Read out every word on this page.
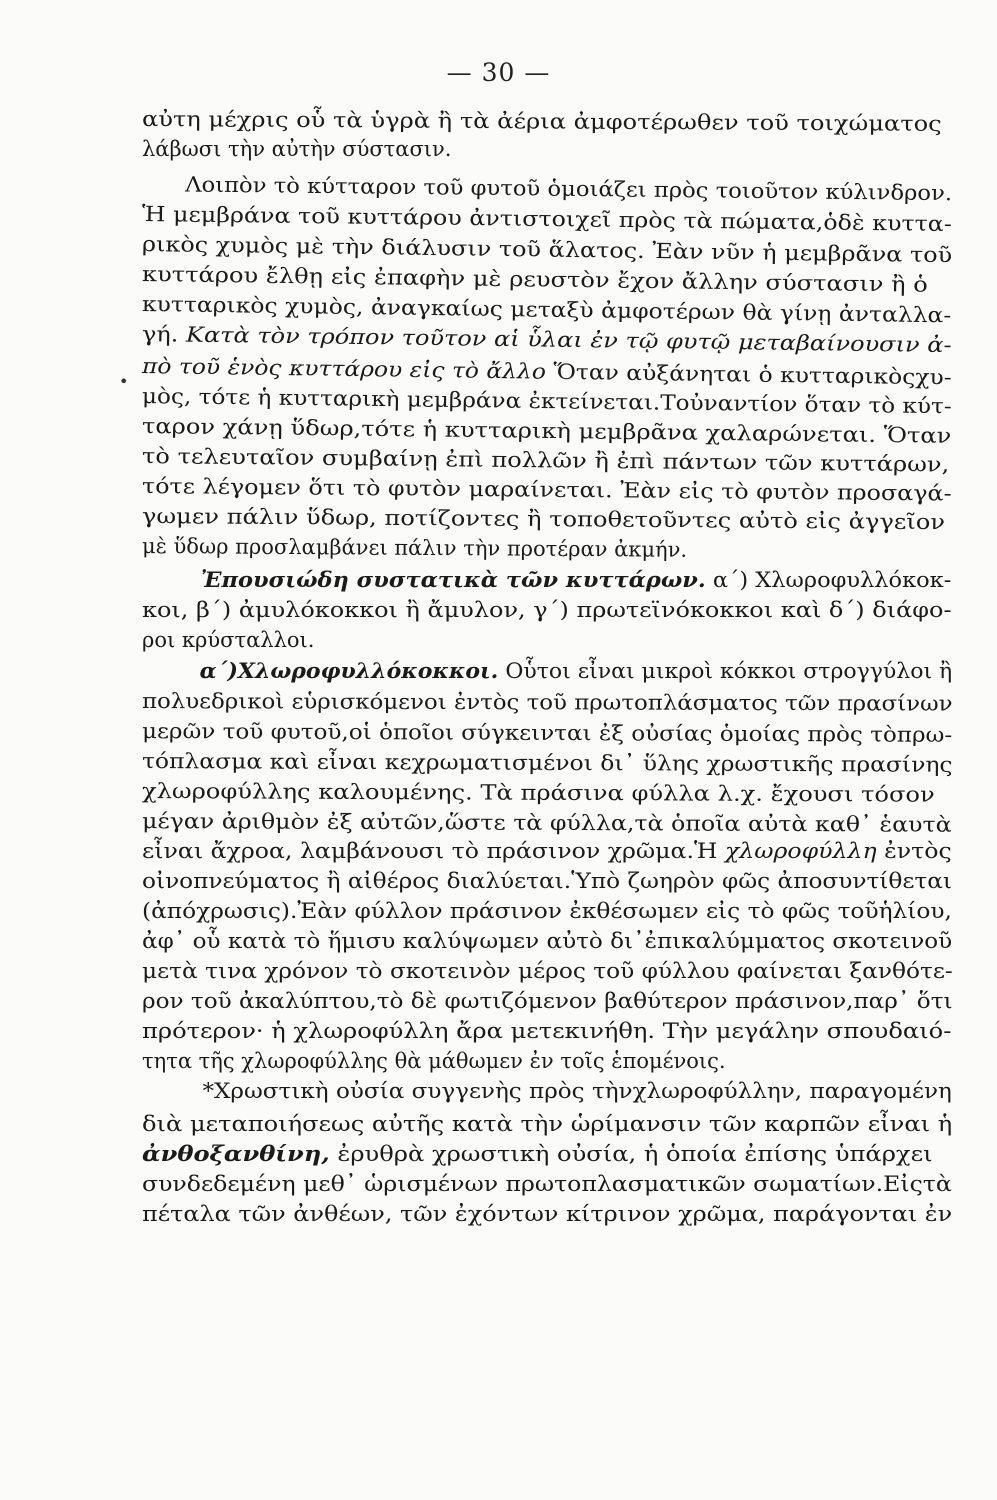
— 30 —
•
αὐτη μέχρις οὗ τὰ ὑγρὰ ἢ τὰ ἀέρια ἀμφοτέρωθεν τοῦ τοιχώματος
λάβωσι τὴν αὐτὴν σύστασιν.
Λοιπὸν τὸ κύτταρον τοῦ φυτοῦ ὁμοιάζει πρὸς τοιοῦτον κύλινδρον.
Ἡ μεμβράνα τοῦ κυττάρου ἀντιστοιχεῖ πρὸς τὰ πώματα,ὁδὲ κυττα-
ρικὸς χυμὸς μὲ τὴν διάλυσιν τοῦ ἅλατος. Ἐὰν νῦν ἡ μεμβρᾶνα τοῦ
κυττάρου ἔλθῃ εἰς ἐπαφὴν μὲ ρευστὸν ἔχον ἄλλην σύστασιν ἢ ὁ
κυτταρικὸς χυμὸς, ἀναγκαίως μεταξὺ ἀμφοτέρων θὰ γίνῃ ἀνταλλα-
γή. Κατὰ τὸν τρόπον τοῦτον αἱ ὗλαι ἐν τῷ φυτῷ μεταβαίνουσιν ἀ-
πὸ τοῦ ἑνὸς κυττάρου εἰς τὸ ἄλλο Ὅταν αὐξάνηται ὁ κυτταρικὸςχυ-
μὸς, τότε ἡ κυτταρικὴ μεμβράνα ἐκτείνεται.Τοὐναντίον ὅταν τὸ κύτ-
ταρον χάνῃ ὕδωρ,τότε ἡ κυτταρικὴ μεμβρᾶνα χαλαρώνεται. Ὅταν
τὸ τελευταῖον συμβαίνῃ ἐπὶ πολλῶν ἢ ἐπὶ πάντων τῶν κυττάρων,
τότε λέγομεν ὅτι τὸ φυτὸν μαραίνεται. Ἐὰν εἰς τὸ φυτὸν προσαγά-
γωμεν πάλιν ὕδωρ, ποτίζοντες ἢ τοποθετοῦντες αὐτὸ εἰς ἀγγεῖον
μὲ ὕδωρ προσλαμβάνει πάλιν τὴν προτέραν ἀκμήν.
Ἐπουσιώδη συστατικὰ τῶν κυττάρων. α΄) Χλωροφυλλόκοκ-
κοι, β΄) ἀμυλόκοκκοι ἢ ἄμυλον, γ΄) πρωτεϊνόκοκκοι καὶ δ΄) διάφο-
ροι κρύσταλλοι.
α΄)Χλωροφυλλόκοκκοι. Οὗτοι εἶναι μικροὶ κόκκοι στρογγύλοι ἢ
πολυεδρικοὶ εὑρισκόμενοι ἐντὸς τοῦ πρωτοπλάσματος τῶν πρασίνων
μερῶν τοῦ φυτοῦ,οἱ ὁποῖοι σύγκεινται ἐξ οὐσίας ὁμοίας πρὸς τὸπρω-
τόπλασμα καὶ εἶναι κεχρωματισμένοι δι᾽ ὕλης χρωστικῆς πρασίνης
χλωροφύλλης καλουμένης. Τὰ πράσινα φύλλα λ.χ. ἔχουσι τόσον
μέγαν ἀριθμὸν ἐξ αὐτῶν,ὥστε τὰ φύλλα,τὰ ὁποῖα αὐτὰ καθ᾽ ἑαυτὰ
εἶναι ἄχροα, λαμβάνουσι τὸ πράσινον χρῶμα.Ἡ χλωροφύλλη ἐντὸς
οἰνοπνεύματος ἢ αἰθέρος διαλύεται.Ὑπὸ ζωηρὸν φῶς ἀποσυντίθεται
(ἀπόχρωσις).Ἐὰν φύλλον πράσινον ἐκθέσωμεν εἰς τὸ φῶς τοῦἡλίου,
ἀφ᾽ οὗ κατὰ τὸ ἥμισυ καλύψωμεν αὐτὸ δι᾽ἐπικαλύμματος σκοτεινοῦ
μετὰ τινα χρόνον τὸ σκοτεινὸν μέρος τοῦ φύλλου φαίνεται ξανθότε-
ρον τοῦ ἀκαλύπτου,τὸ δὲ φωτιζόμενον βαθύτερον πράσινον,παρ᾽ ὅτι
πρότερον· ἡ χλωροφύλλη ἄρα μετεκινήθη. Τὴν μεγάλην σπουδαιό-
τητα τῆς χλωροφύλλης θὰ μάθωμεν ἐν τοῖς ἑπομένοις.
*Χρωστικὴ οὐσία συγγενὴς πρὸς τὴνχλωροφύλλην, παραγομένη
διὰ μεταποιήσεως αὐτῆς κατὰ τὴν ὡρίμανσιν τῶν καρπῶν εἶναι ἡ
ἀνθοξανθίνη, ἐρυθρὰ χρωστικὴ οὐσία, ἡ ὁποία ἐπίσης ὑπάρχει
συνδεδεμένη μεθ᾽ ὡρισμένων πρωτοπλασματικῶν σωματίων.Εἰςτὰ
πέταλα τῶν ἀνθέων, τῶν ἐχόντων κίτρινον χρῶμα, παράγονται ἐν
